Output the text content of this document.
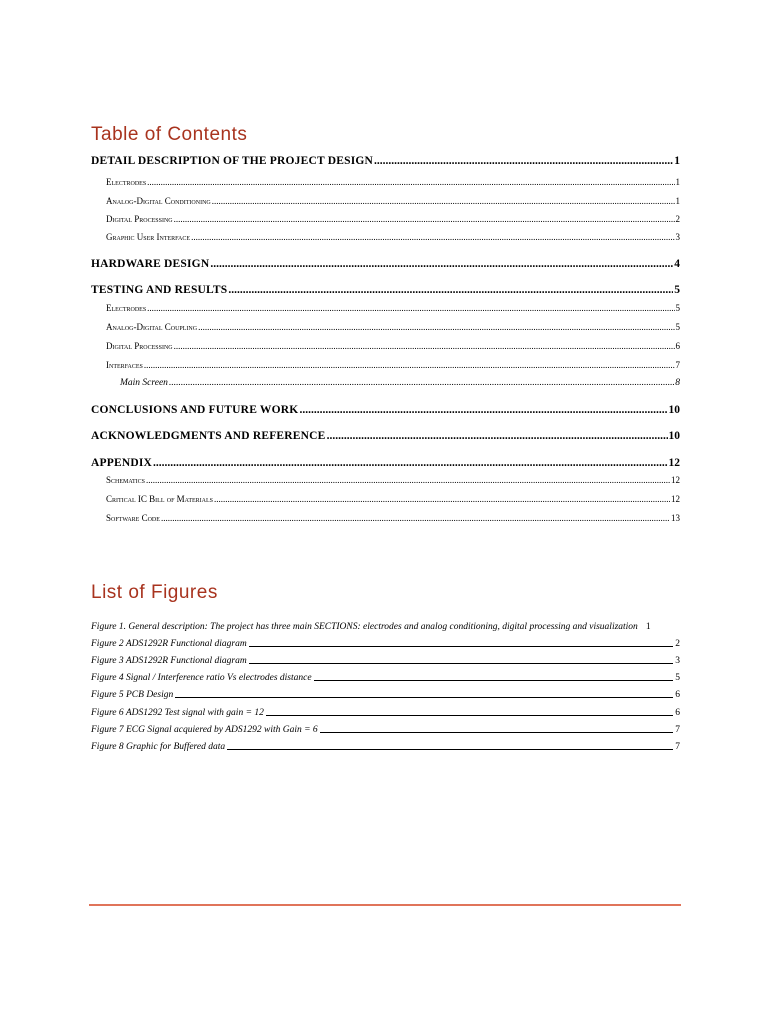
Table of Contents
DETAIL DESCRIPTION OF THE PROJECT DESIGN .....	1
Electrodes .....	1
Analog-Digital Conditioning .....	1
Digital Processing .....	2
Graphic User Interface .....	3
HARDWARE DESIGN .....	4
TESTING AND RESULTS .....	5
Electrodes .....	5
Analog-Digital Coupling .....	5
Digital Processing .....	6
Interfaces .....	7
Main Screen .....	8
CONCLUSIONS AND FUTURE WORK .....	10
ACKNOWLEDGMENTS AND REFERENCE .....	10
APPENDIX .....	12
Schematics .....	12
Critical IC Bill of Materials .....	12
Software Code .....	13
List of Figures
Figure 1. General description: The project has three main SECTIONS: electrodes and analog conditioning, digital processing and visualization 1
Figure 2 ADS1292R Functional diagram	2
Figure 3 ADS1292R Functional diagram	3
Figure 4 Signal / Interference ratio Vs electrodes distance	5
Figure 5 PCB Design	6
Figure 6 ADS1292 Test signal with gain = 12	6
Figure 7 ECG Signal acquiered by ADS1292 with Gain = 6	7
Figure 8 Graphic for Buffered data	7
